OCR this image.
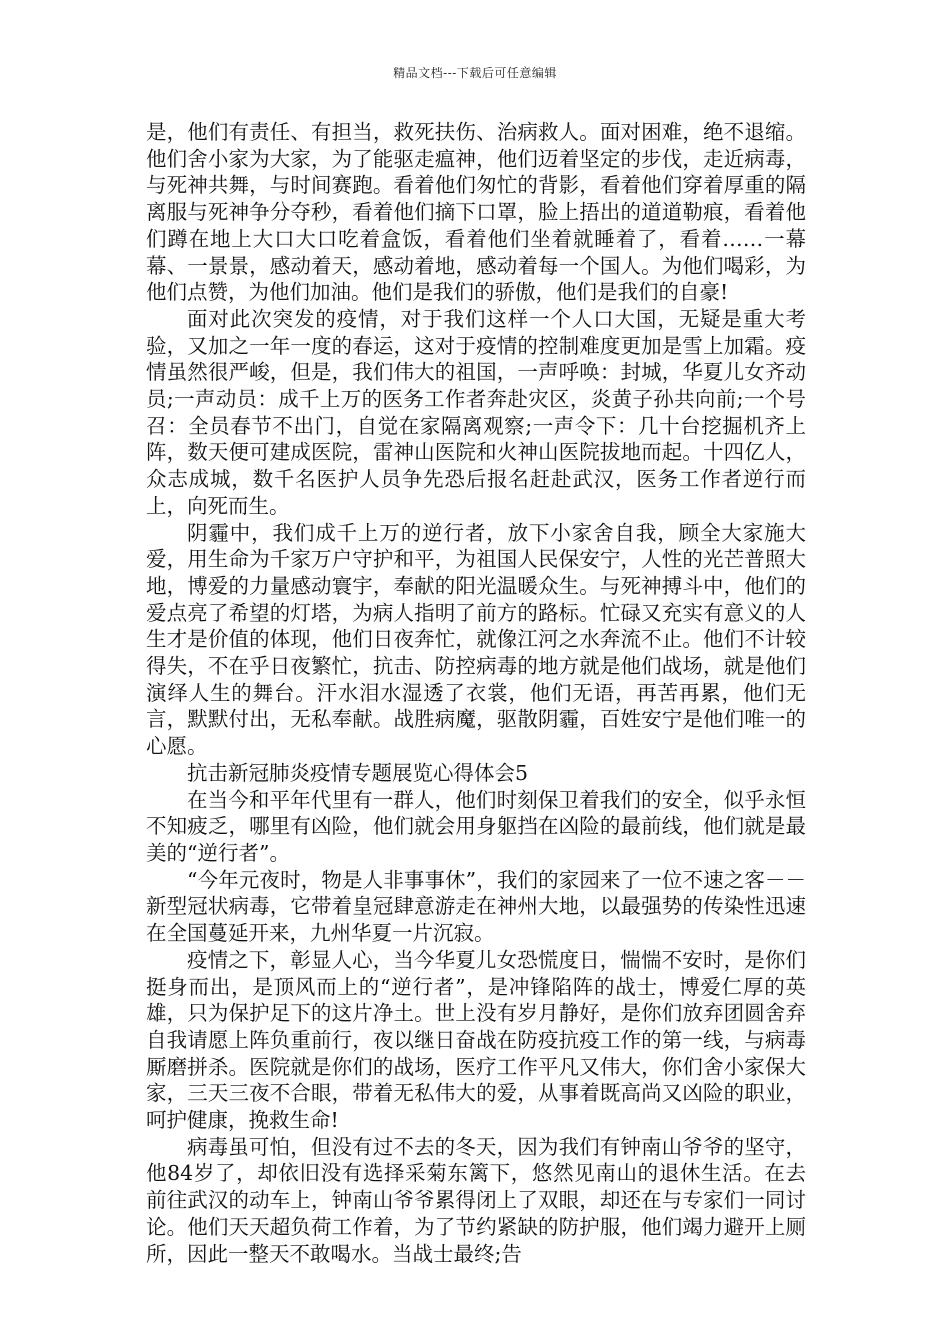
精品文档---下载后可任意编辑

是，他们有责任、有担当，救死扶伤、治病救人。面对困难，绝不退缩。他们舍小家为大家，为了能驱走瘟神，他们迈着坚定的步伐，走近病毒，与死神共舞，与时间赛跑。看着他们匆忙的背影，看着他们穿着厚重的隔离服与死神争分夺秒，看着他们摘下口罩，脸上捂出的道道勒痕，看着他们蹲在地上大口大口吃着盒饭，看着他们坐着就睡着了，看着……一幕幕、一景景，感动着天，感动着地，感动着每一个国人。为他们喝彩，为他们点赞，为他们加油。他们是我们的骄傲，他们是我们的自豪!

面对此次突发的疫情，对于我们这样一个人口大国，无疑是重大考验，又加之一年一度的春运，这对于疫情的控制难度更加是雪上加霜。疫情虽然很严峻，但是，我们伟大的祖国，一声呼唤：封城，华夏儿女齐动员;一声动员：成千上万的医务工作者奔赴灾区，炎黄子孙共向前;一个号召：全员春节不出门，自觉在家隔离观察;一声令下：几十台挖掘机齐上阵，数天便可建成医院，雷神山医院和火神山医院拔地而起。十四亿人，众志成城，数千名医护人员争先恐后报名赶赴武汉，医务工作者逆行而上，向死而生。

阴霾中，我们成千上万的逆行者，放下小家舍自我，顾全大家施大爱，用生命为千家万户守护和平，为祖国人民保安宁，人性的光芒普照大地，博爱的力量感动寰宇，奉献的阳光温暖众生。与死神搏斗中，他们的爱点亮了希望的灯塔，为病人指明了前方的路标。忙碌又充实有意义的人生才是价值的体现，他们日夜奔忙，就像江河之水奔流不止。他们不计较得失，不在乎日夜繁忙，抗击、防控病毒的地方就是他们战场，就是他们演绎人生的舞台。汗水泪水湿透了衣裳，他们无语，再苦再累，他们无言，默默付出，无私奉献。战胜病魔，驱散阴霾，百姓安宁是他们唯一的心愿。

抗击新冠肺炎疫情专题展览心得体会5

在当今和平年代里有一群人，他们时刻保卫着我们的安全，似乎永恒不知疲乏，哪里有凶险，他们就会用身躯挡在凶险的最前线，他们就是最美的“逆行者”。

“今年元夜时，物是人非事事休”，我们的家园来了一位不速之客－－新型冠状病毒，它带着皇冠肆意游走在神州大地，以最强势的传染性迅速在全国蔓延开来，九州华夏一片沉寂。

疫情之下，彰显人心，当今华夏儿女恐慌度日，惴惴不安时，是你们挺身而出，是顶风而上的“逆行者”，是冲锋陷阵的战士，博爱仁厚的英雄，只为保护足下的这片净土。世上没有岁月静好，是你们放弃团圆舍弃自我请愿上阵负重前行，夜以继日奋战在防疫抗疫工作的第一线，与病毒厮磨拼杀。医院就是你们的战场，医疗工作平凡又伟大，你们舍小家保大家，三天三夜不合眼，带着无私伟大的爱，从事着既高尚又凶险的职业，呵护健康，挽救生命!

病毒虽可怕，但没有过不去的冬天，因为我们有钟南山爷爷的坚守，他84岁了，却依旧没有选择采菊东篱下，悠然见南山的退休生活。在去前往武汉的动车上，钟南山爷爷累得闭上了双眼，却还在与专家们一同讨论。他们天天超负荷工作着，为了节约紧缺的防护服，他们竭力避开上厕所，因此一整天不敢喝水。当战士最终;告
